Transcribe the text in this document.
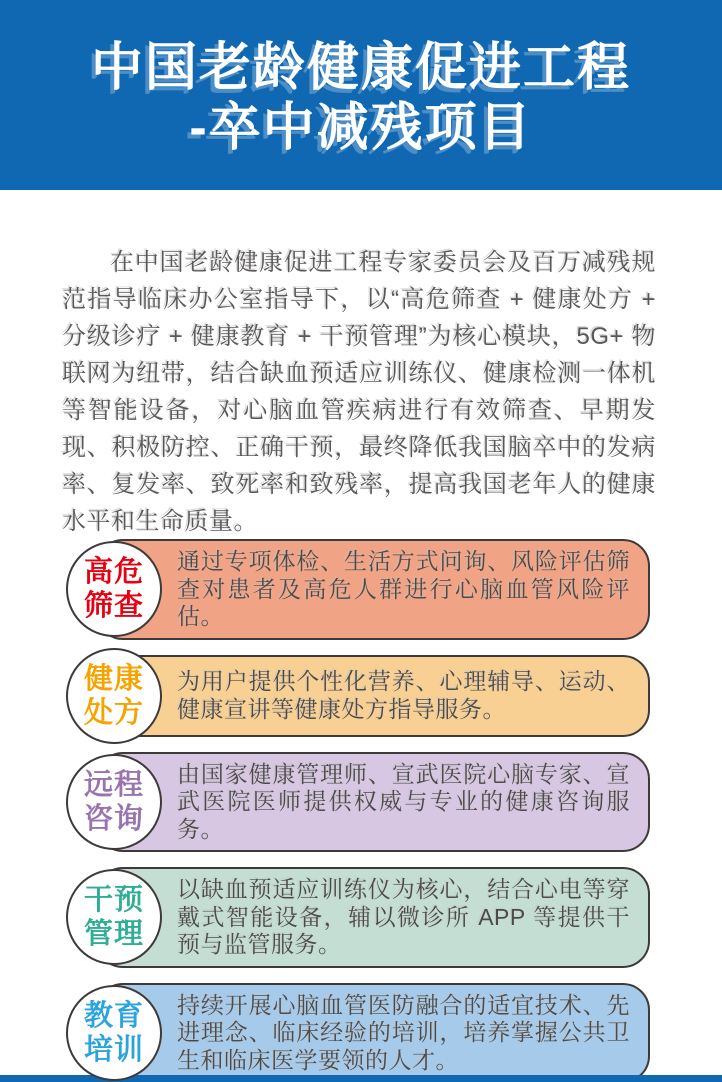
中国老龄健康促进工程
-卒中减残项目

在中国老龄健康促进工程专家委员会及百万减残规范指导临床办公室指导下，以“高危筛查 + 健康处方 + 分级诊疗 + 健康教育 + 干预管理”为核心模块，5G+ 物联网为纽带，结合缺血预适应训练仪、健康检测一体机等智能设备，对心脑血管疾病进行有效筛查、早期发现、积极防控、正确干预，最终降低我国脑卒中的发病率、复发率、致死率和致残率，提高我国老年人的健康水平和生命质量。

高危
筛查

通过专项体检、生活方式问询、风险评估筛查对患者及高危人群进行心脑血管风险评估。

健康
处方

为用户提供个性化营养、心理辅导、运动、健康宣讲等健康处方指导服务。

远程
咨询

由国家健康管理师、宣武医院心脑专家、宣武医院医师提供权威与专业的健康咨询服务。

干预
管理

以缺血预适应训练仪为核心，结合心电等穿戴式智能设备，辅以微诊所 APP 等提供干预与监管服务。

教育
培训

持续开展心脑血管医防融合的适宜技术、先进理念、临床经验的培训，培养掌握公共卫生和临床医学要领的人才。
